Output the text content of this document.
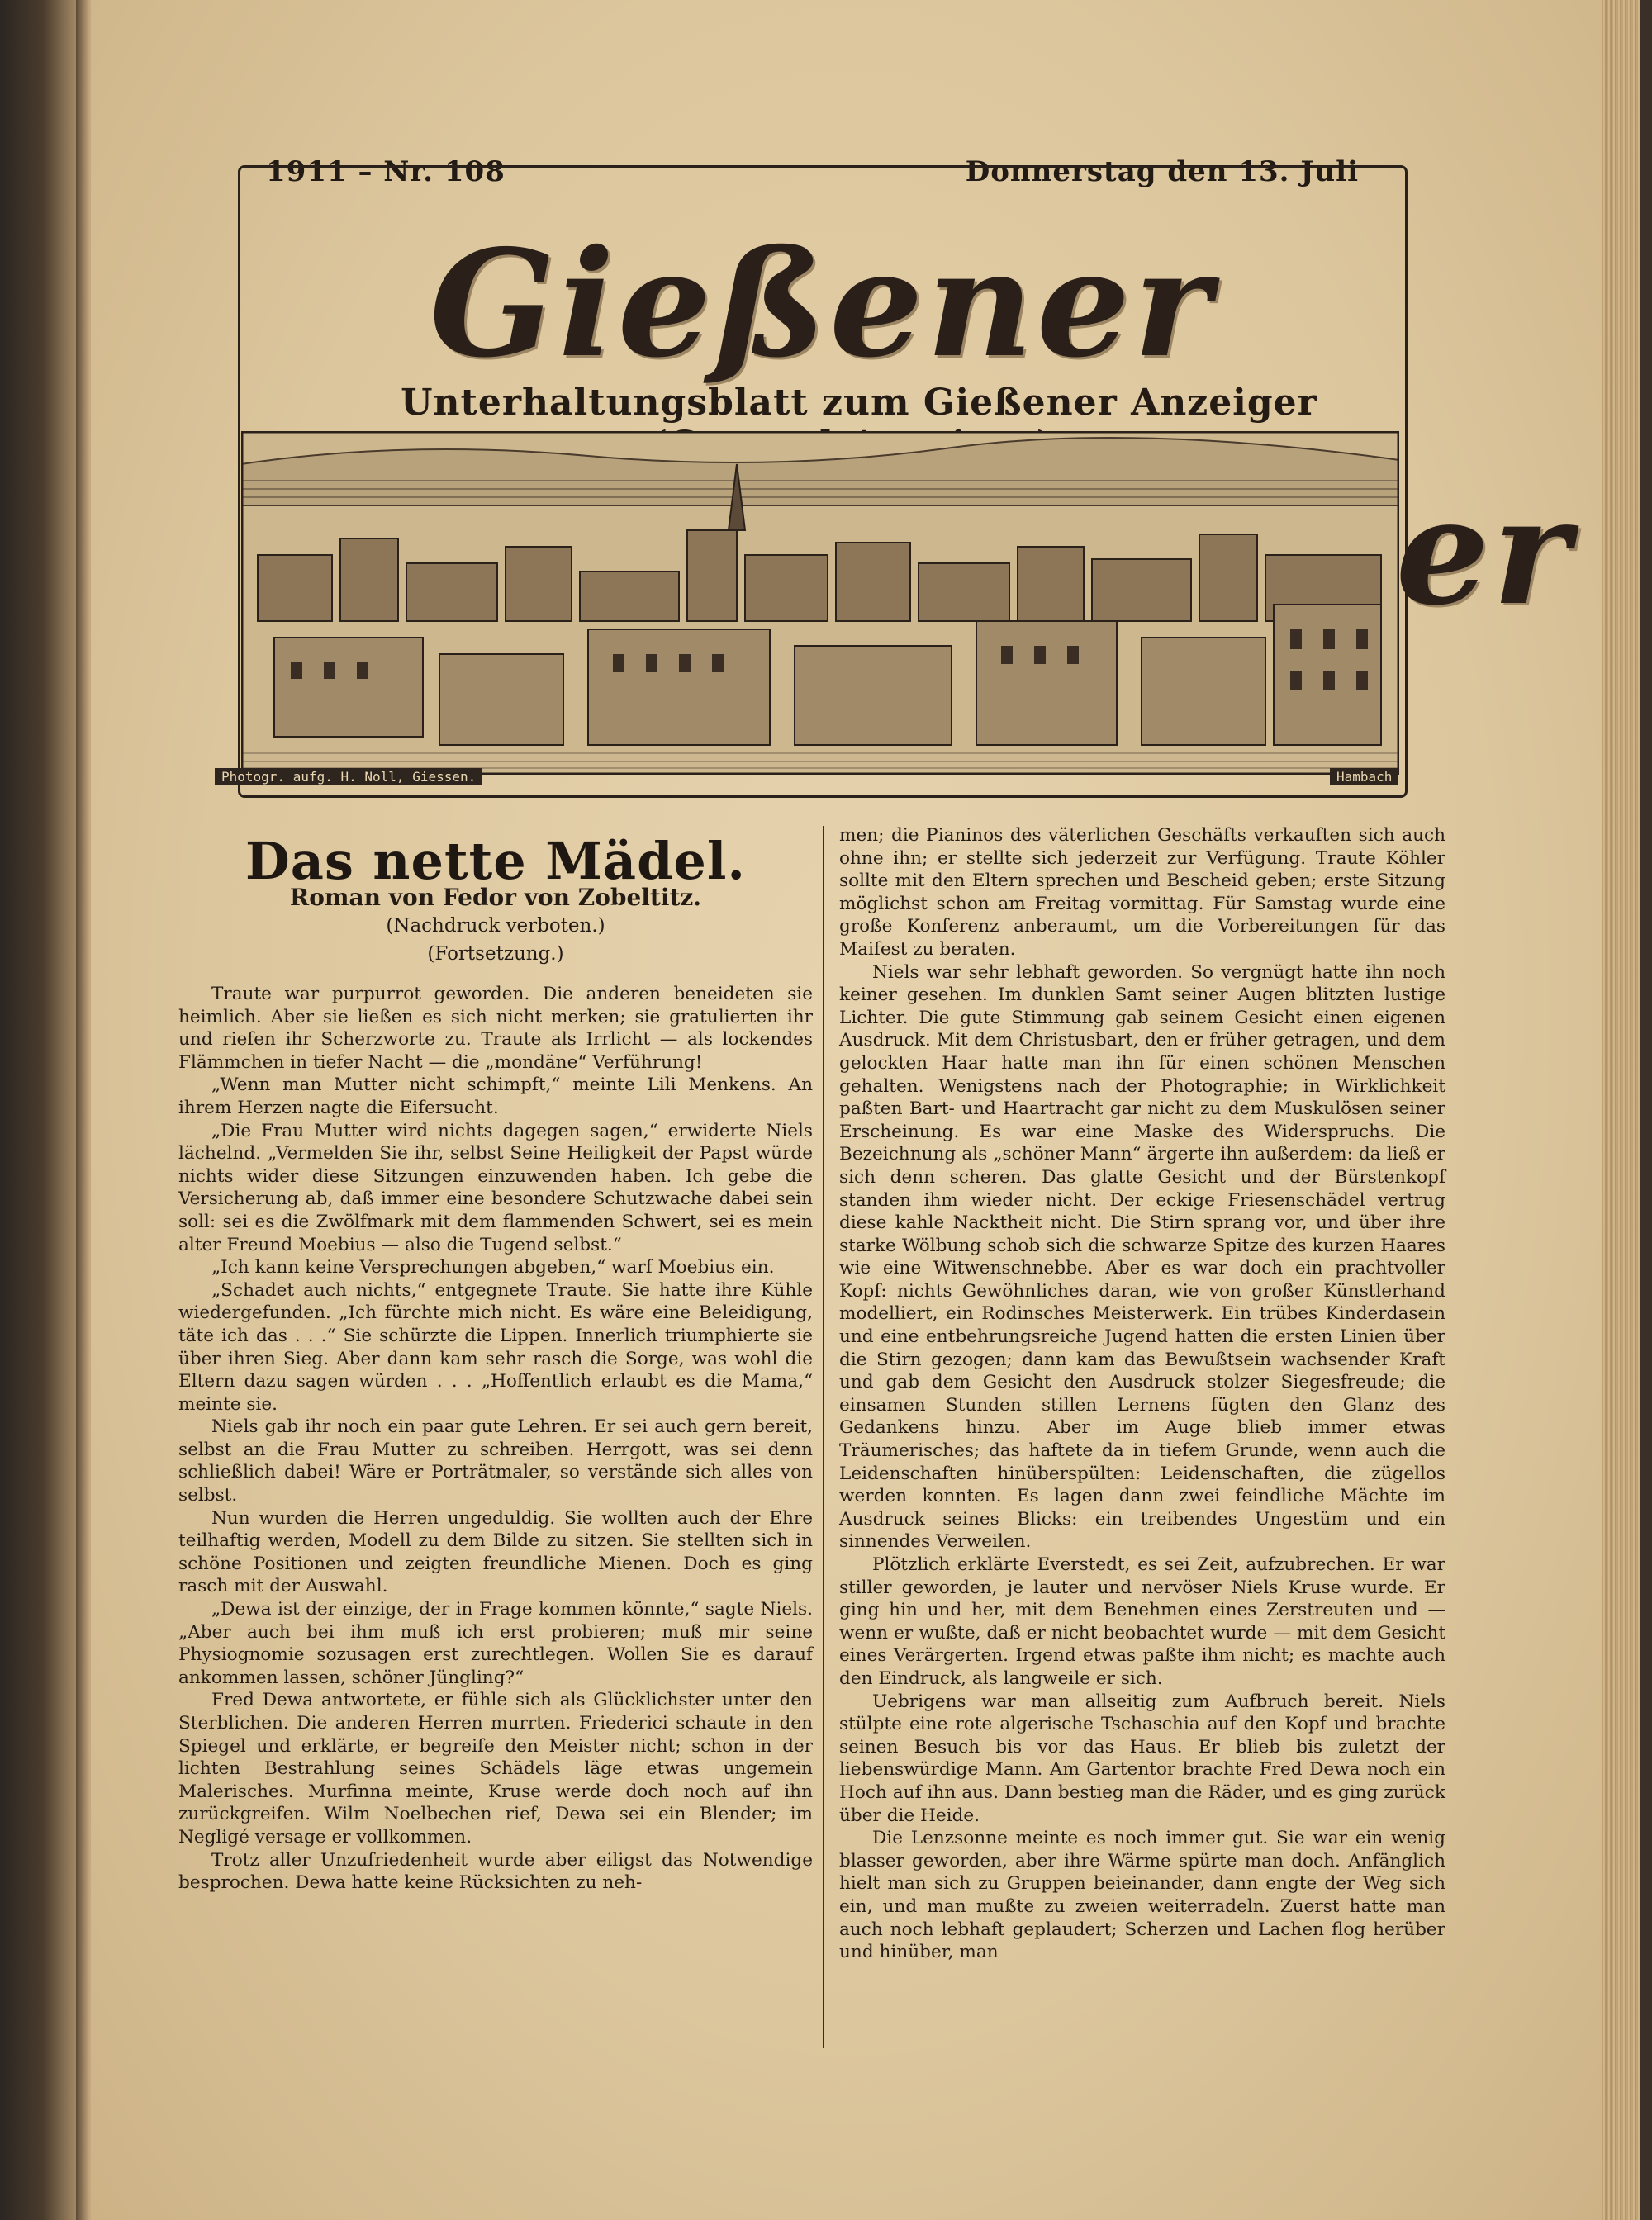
1911 – Nr. 108	Donnerstag den 13. Juli
Gießener
Unterhaltungsblatt zum Gießener Anzeiger
Photogr. aufg. H. Noll, Giessen.	Hambach
Das nette Mädel.
Roman von Fedor von Zobeltitz.
(Nachdruck verboten.)
(Fortsetzung.)

Traute war purpurrot geworden. Die anderen beneideten sie heimlich. Aber sie ließen es sich nicht merken; sie gratulierten ihr und riefen ihr Scherzworte zu. Traute als Irrlicht — als lockendes Flämmchen in tiefer Nacht — die „mondäne“ Verführung!

„Wenn man Mutter nicht schimpft,“ meinte Lili Menkens. An ihrem Herzen nagte die Eifersucht.

„Die Frau Mutter wird nichts dagegen sagen,“ erwiderte Niels lächelnd. „Vermelden Sie ihr, selbst Seine Heiligkeit der Papst würde nichts wider diese Sitzungen einzuwenden haben. Ich gebe die Versicherung ab, daß immer eine besondere Schutzwache dabei sein soll: sei es die Zwölfmark mit dem flammenden Schwert, sei es mein alter Freund Moebius — also die Tugend selbst.“

„Ich kann keine Versprechungen abgeben,“ warf Moebius ein.

„Schadet auch nichts,“ entgegnete Traute. Sie hatte ihre Kühle wiedergefunden. „Ich fürchte mich nicht. Es wäre eine Beleidigung, täte ich das . . .“ Sie schürzte die Lippen. Innerlich triumphierte sie über ihren Sieg. Aber dann kam sehr rasch die Sorge, was wohl die Eltern dazu sagen würden . . . „Hoffentlich erlaubt es die Mama,“ meinte sie.

Niels gab ihr noch ein paar gute Lehren. Er sei auch gern bereit, selbst an die Frau Mutter zu schreiben. Herrgott, was sei denn schließlich dabei! Wäre er Porträtmaler, so verstände sich alles von selbst.

Nun wurden die Herren ungeduldig. Sie wollten auch der Ehre teilhaftig werden, Modell zu dem Bilde zu sitzen. Sie stellten sich in schöne Positionen und zeigten freundliche Mienen. Doch es ging rasch mit der Auswahl.

„Dewa ist der einzige, der in Frage kommen könnte,“ sagte Niels. „Aber auch bei ihm muß ich erst probieren; muß mir seine Physiognomie sozusagen erst zurechtlegen. Wollen Sie es darauf ankommen lassen, schöner Jüngling?“

Fred Dewa antwortete, er fühle sich als Glücklichster unter den Sterblichen. Die anderen Herren murrten. Friederici schaute in den Spiegel und erklärte, er begreife den Meister nicht; schon in der lichten Bestrahlung seines Schädels läge etwas ungemein Malerisches. Murfinna meinte, Kruse werde doch noch auf ihn zurückgreifen. Wilm Noelbechen rief, Dewa sei ein Blender; im Negligé versage er vollkommen.

Trotz aller Unzufriedenheit wurde aber eiligst das Notwendige besprochen. Dewa hatte keine Rücksichten zu neh-

men; die Pianinos des väterlichen Geschäfts verkauften sich auch ohne ihn; er stellte sich jederzeit zur Verfügung. Traute Köhler sollte mit den Eltern sprechen und Bescheid geben; erste Sitzung möglichst schon am Freitag vormittag. Für Samstag wurde eine große Konferenz anberaumt, um die Vorbereitungen für das Maifest zu beraten.

Niels war sehr lebhaft geworden. So vergnügt hatte ihn noch keiner gesehen. Im dunklen Samt seiner Augen blitzten lustige Lichter. Die gute Stimmung gab seinem Gesicht einen eigenen Ausdruck. Mit dem Christusbart, den er früher getragen, und dem gelockten Haar hatte man ihn für einen schönen Menschen gehalten. Wenigstens nach der Photographie; in Wirklichkeit paßten Bart- und Haartracht gar nicht zu dem Muskulösen seiner Erscheinung. Es war eine Maske des Widerspruchs. Die Bezeichnung als „schöner Mann“ ärgerte ihn außerdem: da ließ er sich denn scheren. Das glatte Gesicht und der Bürstenkopf standen ihm wieder nicht. Der eckige Friesenschädel vertrug diese kahle Nacktheit nicht. Die Stirn sprang vor, und über ihre starke Wölbung schob sich die schwarze Spitze des kurzen Haares wie eine Witwenschnebbe. Aber es war doch ein prachtvoller Kopf: nichts Gewöhnliches daran, wie von großer Künstlerhand modelliert, ein Rodinsches Meisterwerk. Ein trübes Kinderdasein und eine entbehrungsreiche Jugend hatten die ersten Linien über die Stirn gezogen; dann kam das Bewußtsein wachsender Kraft und gab dem Gesicht den Ausdruck stolzer Siegesfreude; die einsamen Stunden stillen Lernens fügten den Glanz des Gedankens hinzu. Aber im Auge blieb immer etwas Träumerisches; das haftete da in tiefem Grunde, wenn auch die Leidenschaften hinüberspülten: Leidenschaften, die zügellos werden konnten. Es lagen dann zwei feindliche Mächte im Ausdruck seines Blicks: ein treibendes Ungestüm und ein sinnendes Verweilen.

Plötzlich erklärte Everstedt, es sei Zeit, aufzubrechen. Er war stiller geworden, je lauter und nervöser Niels Kruse wurde. Er ging hin und her, mit dem Benehmen eines Zerstreuten und — wenn er wußte, daß er nicht beobachtet wurde — mit dem Gesicht eines Verärgerten. Irgend etwas paßte ihm nicht; es machte auch den Eindruck, als langweile er sich.

Uebrigens war man allseitig zum Aufbruch bereit. Niels stülpte eine rote algerische Tschaschia auf den Kopf und brachte seinen Besuch bis vor das Haus. Er blieb bis zuletzt der liebenswürdige Mann. Am Gartentor brachte Fred Dewa noch ein Hoch auf ihn aus. Dann bestieg man die Räder, und es ging zurück über die Heide.

Die Lenzsonne meinte es noch immer gut. Sie war ein wenig blasser geworden, aber ihre Wärme spürte man doch. Anfänglich hielt man sich zu Gruppen beieinander, dann engte der Weg sich ein, und man mußte zu zweien weiterradeln. Zuerst hatte man auch noch lebhaft geplaudert; Scherzen und Lachen flog herüber und hinüber, man
